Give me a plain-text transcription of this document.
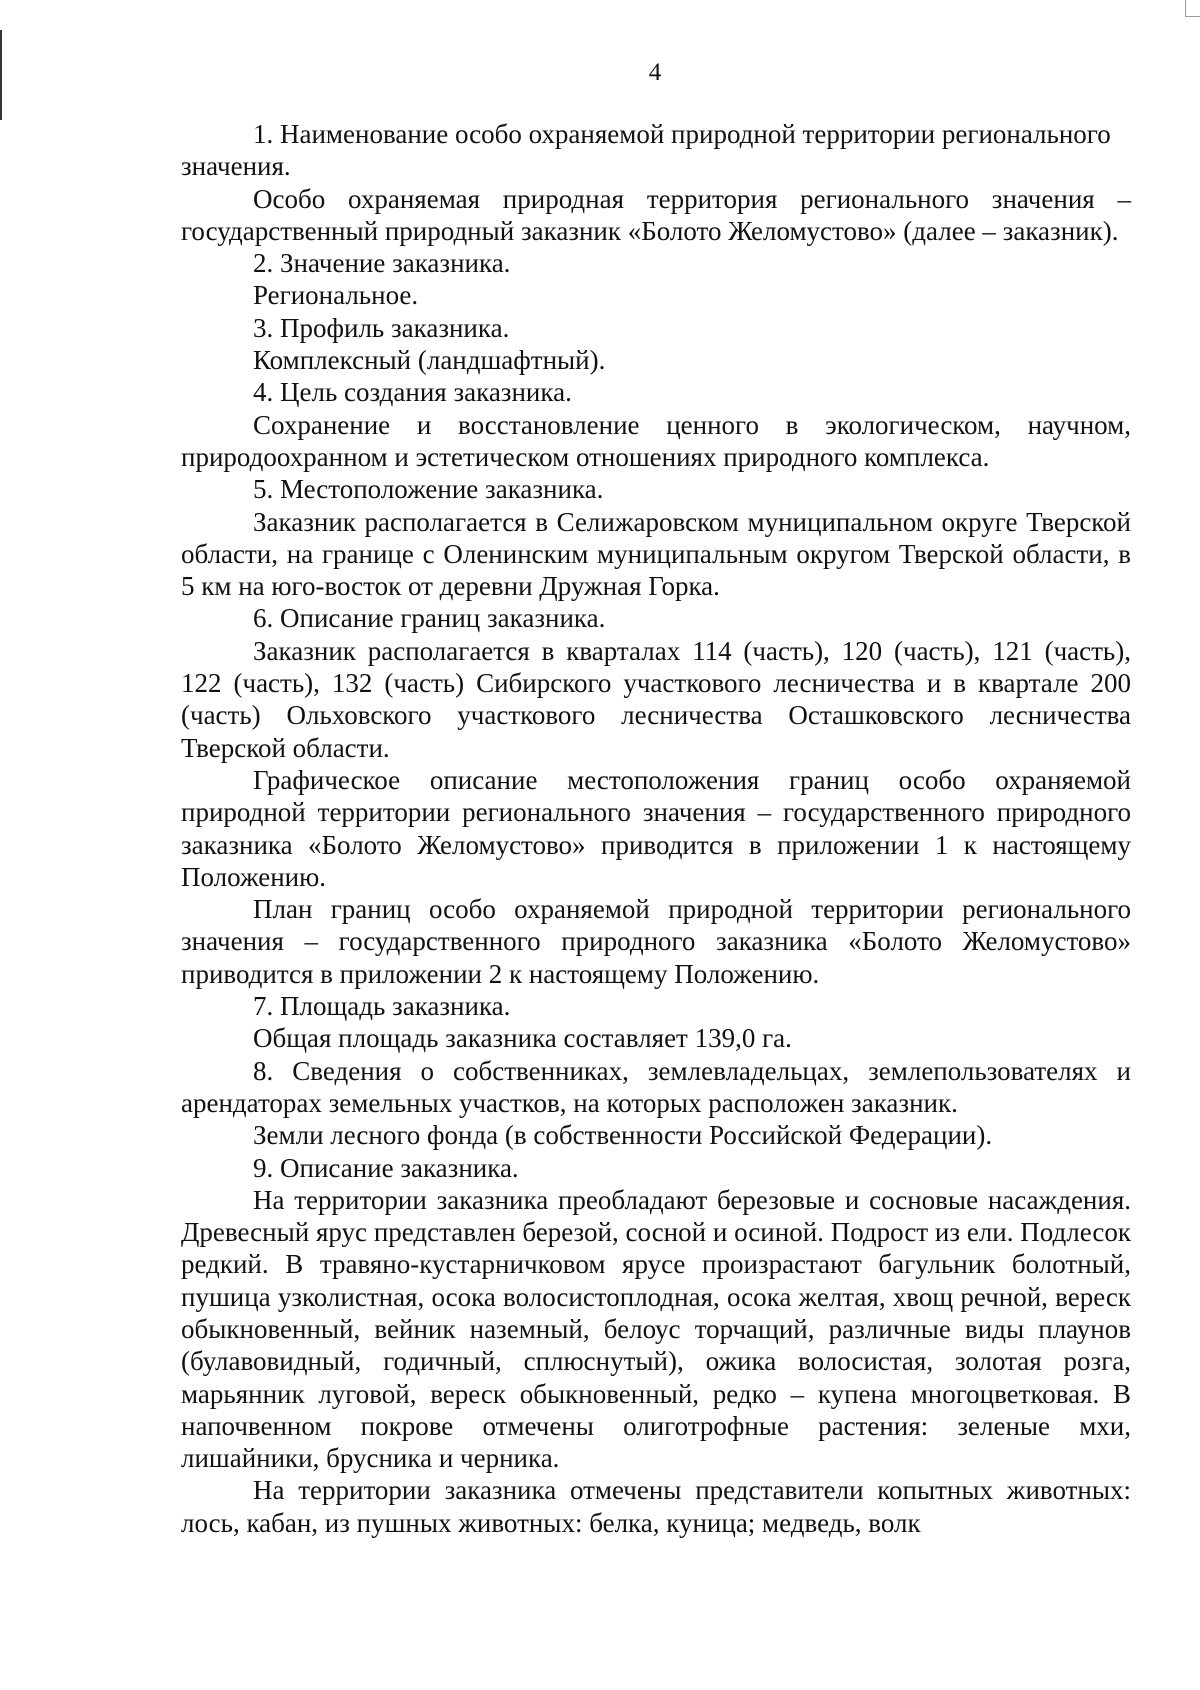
4

1. Наименование особо охраняемой природной территории регионального значения.

Особо охраняемая природная территория регионального значения – государственный природный заказник «Болото Желомустово» (далее – заказник).

2. Значение заказника.

Региональное.

3. Профиль заказника.

Комплексный (ландшафтный).

4. Цель создания заказника.

Сохранение и восстановление ценного в экологическом, научном, природоохранном и эстетическом отношениях природного комплекса.

5. Местоположение заказника.

Заказник располагается в Селижаровском муниципальном округе Тверской области, на границе с Оленинским муниципальным округом Тверской области, в 5 км на юго-восток от деревни Дружная Горка.

6. Описание границ заказника.

Заказник располагается в кварталах 114 (часть), 120 (часть), 121 (часть), 122 (часть), 132 (часть) Сибирского участкового лесничества и в квартале 200 (часть) Ольховского участкового лесничества Осташковского лесничества Тверской области.

Графическое описание местоположения границ особо охраняемой природной территории регионального значения – государственного природного заказника «Болото Желомустово» приводится в приложении 1 к настоящему Положению.

План границ особо охраняемой природной территории регионального значения – государственного природного заказника «Болото Желомустово» приводится в приложении 2 к настоящему Положению.

7. Площадь заказника.

Общая площадь заказника составляет 139,0 га.

8. Сведения о собственниках, землевладельцах, землепользователях и арендаторах земельных участков, на которых расположен заказник.

Земли лесного фонда (в собственности Российской Федерации).

9. Описание заказника.

На территории заказника преобладают березовые и сосновые насаждения. Древесный ярус представлен березой, сосной и осиной. Подрост из ели. Подлесок редкий. В травяно-кустарничковом ярусе произрастают багульник болотный, пушица узколистная, осока волосистоплодная, осока желтая, хвощ речной, вереск обыкновенный, вейник наземный, белоус торчащий, различные виды плаунов (булавовидный, годичный, сплюснутый), ожика волосистая, золотая розга, марьянник луговой, вереск обыкновенный, редко – купена многоцветковая. В напочвенном покрове отмечены олиготрофные растения: зеленые мхи, лишайники, брусника и черника.

На территории заказника отмечены представители копытных животных: лось, кабан, из пушных животных: белка, куница; медведь, волк
